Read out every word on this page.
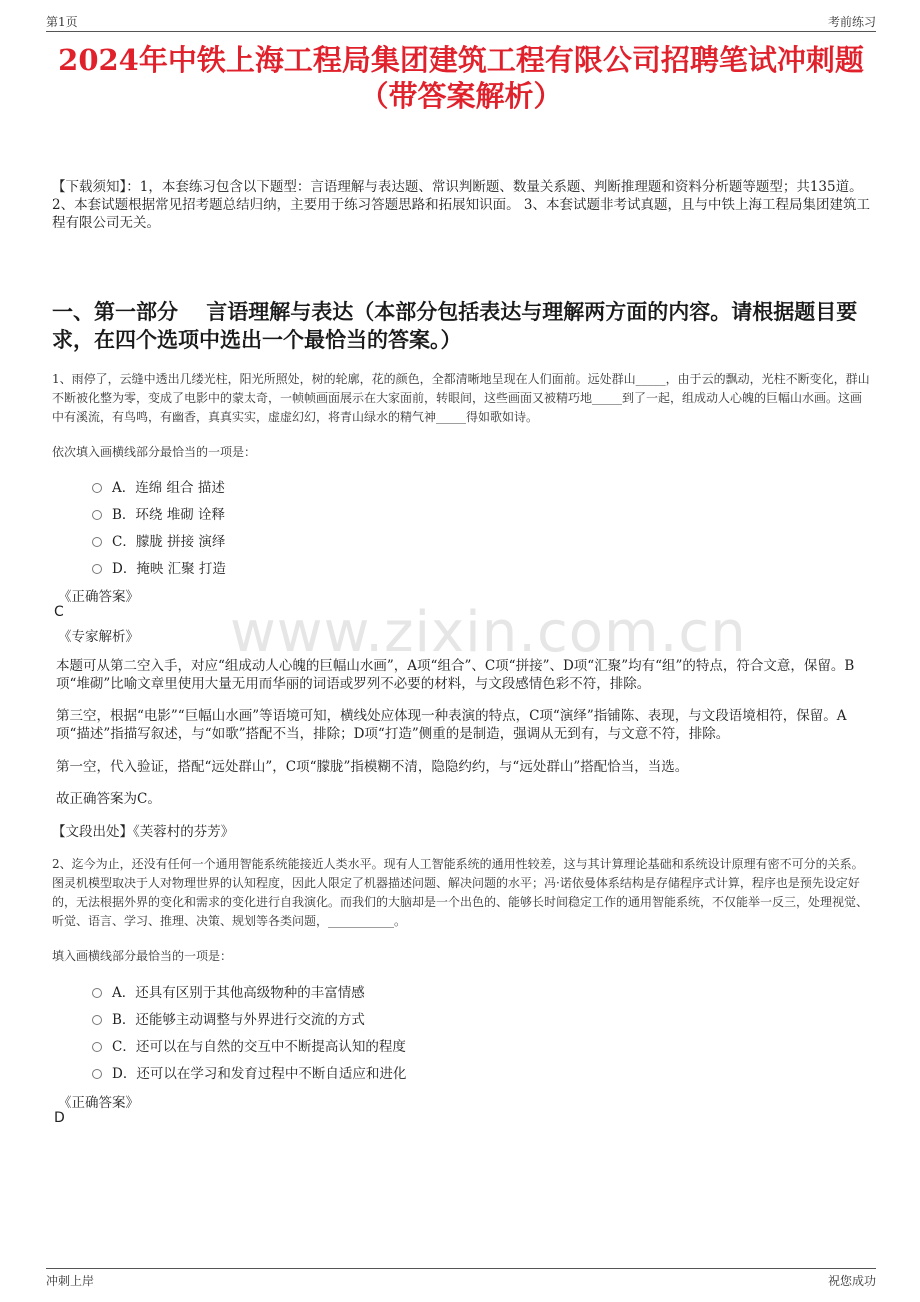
第1页	考前练习
2024年中铁上海工程局集团建筑工程有限公司招聘笔试冲刺题
（带答案解析）

【下载须知】：1，本套练习包含以下题型：言语理解与表达题、常识判断题、数量关系题、判断推理题和资料分析题等题型；共135道。 2、本套试题根据常见招考题总结归纳，主要用于练习答题思路和拓展知识面。 3、本套试题非考试真题，且与中铁上海工程局集团建筑工程有限公司无关。

一、第一部分　 言语理解与表达（本部分包括表达与理解两方面的内容。请根据题目要求，在四个选项中选出一个最恰当的答案。）
www.zixin.com.cn

1、雨停了，云缝中透出几缕光柱，阳光所照处，树的轮廓，花的颜色，全都清晰地呈现在人们面前。远处群山_____，由于云的飘动，光柱不断变化，群山不断被化整为零，变成了电影中的蒙太奇，一帧帧画面展示在大家面前，转眼间，这些画面又被精巧地_____到了一起，组成动人心魄的巨幅山水画。这画中有溪流，有鸟鸣，有幽香，真真实实，虚虚幻幻，将青山绿水的精气神_____得如歌如诗。

依次填入画横线部分最恰当的一项是：

A．连绵 组合 描述
B．环绕 堆砌 诠释
C．朦胧 拼接 演绎
D．掩映 汇聚 打造
《正确答案》
C
《专家解析》

本题可从第二空入手，对应“组成动人心魄的巨幅山水画”，A项“组合”、C项“拼接”、D项“汇聚”均有“组”的特点，符合文意，保留。B项“堆砌”比喻文章里使用大量无用而华丽的词语或罗列不必要的材料，与文段感情色彩不符，排除。

第三空，根据“电影”“巨幅山水画”等语境可知，横线处应体现一种表演的特点，C项“演绎”指铺陈、表现，与文段语境相符，保留。A项“描述”指描写叙述，与“如歌”搭配不当，排除；D项“打造”侧重的是制造，强调从无到有，与文意不符，排除。

第一空，代入验证，搭配“远处群山”，C项“朦胧”指模糊不清，隐隐约约，与“远处群山”搭配恰当，当选。

故正确答案为C。

【文段出处】《芙蓉村的芬芳》

2、迄今为止，还没有任何一个通用智能系统能接近人类水平。现有人工智能系统的通用性较差，这与其计算理论基础和系统设计原理有密不可分的关系。图灵机模型取决于人对物理世界的认知程度，因此人限定了机器描述问题、解决问题的水平；冯·诺依曼体系结构是存储程序式计算，程序也是预先设定好的，无法根据外界的变化和需求的变化进行自我演化。而我们的大脑却是一个出色的、能够长时间稳定工作的通用智能系统，不仅能举一反三，处理视觉、听觉、语言、学习、推理、决策、规划等各类问题，___________。

填入画横线部分最恰当的一项是：

A．还具有区别于其他高级物种的丰富情感
B．还能够主动调整与外界进行交流的方式
C．还可以在与自然的交互中不断提高认知的程度
D．还可以在学习和发育过程中不断自适应和进化
《正确答案》
D
冲刺上岸	祝您成功
